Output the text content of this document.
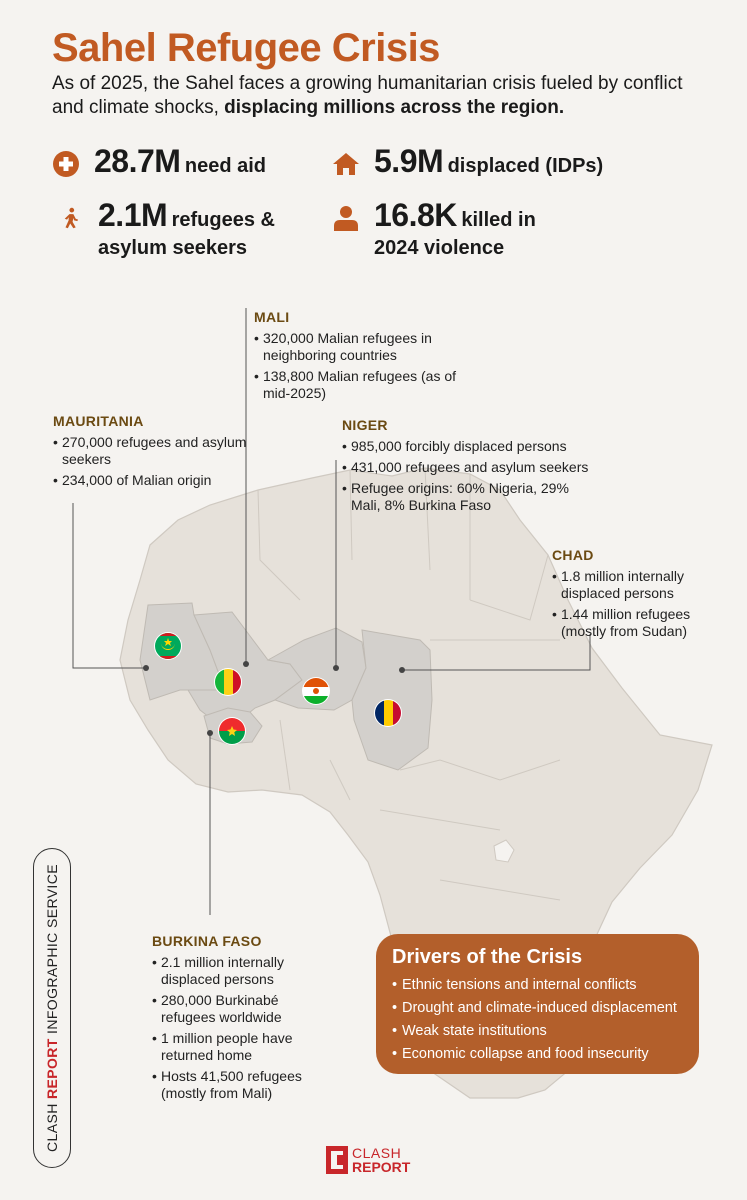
Sahel Refugee Crisis
As of 2025, the Sahel faces a growing humanitarian crisis fueled by conflict and climate shocks, displacing millions across the region.
28.7M need aid	5.9M displaced (IDPs)
2.1M refugees &
asylum seekers
16.8K killed in
2024 violence
MALI
• 320,000 Malian refugees in neighboring countries
• 138,800 Malian refugees (as of mid-2025)
MAURITANIA
• 270,000 refugees and asylum seekers
• 234,000 of Malian origin
NIGER
• 985,000 forcibly displaced persons
• 431,000 refugees and asylum seekers
• Refugee origins: 60% Nigeria, 29% Mali, 8% Burkina Faso
CHAD
• 1.8 million internally displaced persons
• 1.44 million refugees (mostly from Sudan)
BURKINA FASO
• 2.1 million internally displaced persons
• 280,000 Burkinabé refugees worldwide
• 1 million people have returned home
• Hosts 41,500 refugees (mostly from Mali)
Drivers of the Crisis
• Ethnic tensions and internal conflicts
• Drought and climate-induced displacement
• Weak state institutions
• Economic collapse and food insecurity
CLASH REPORT INFOGRAPHIC SERVICE
CLASH
REPORT
